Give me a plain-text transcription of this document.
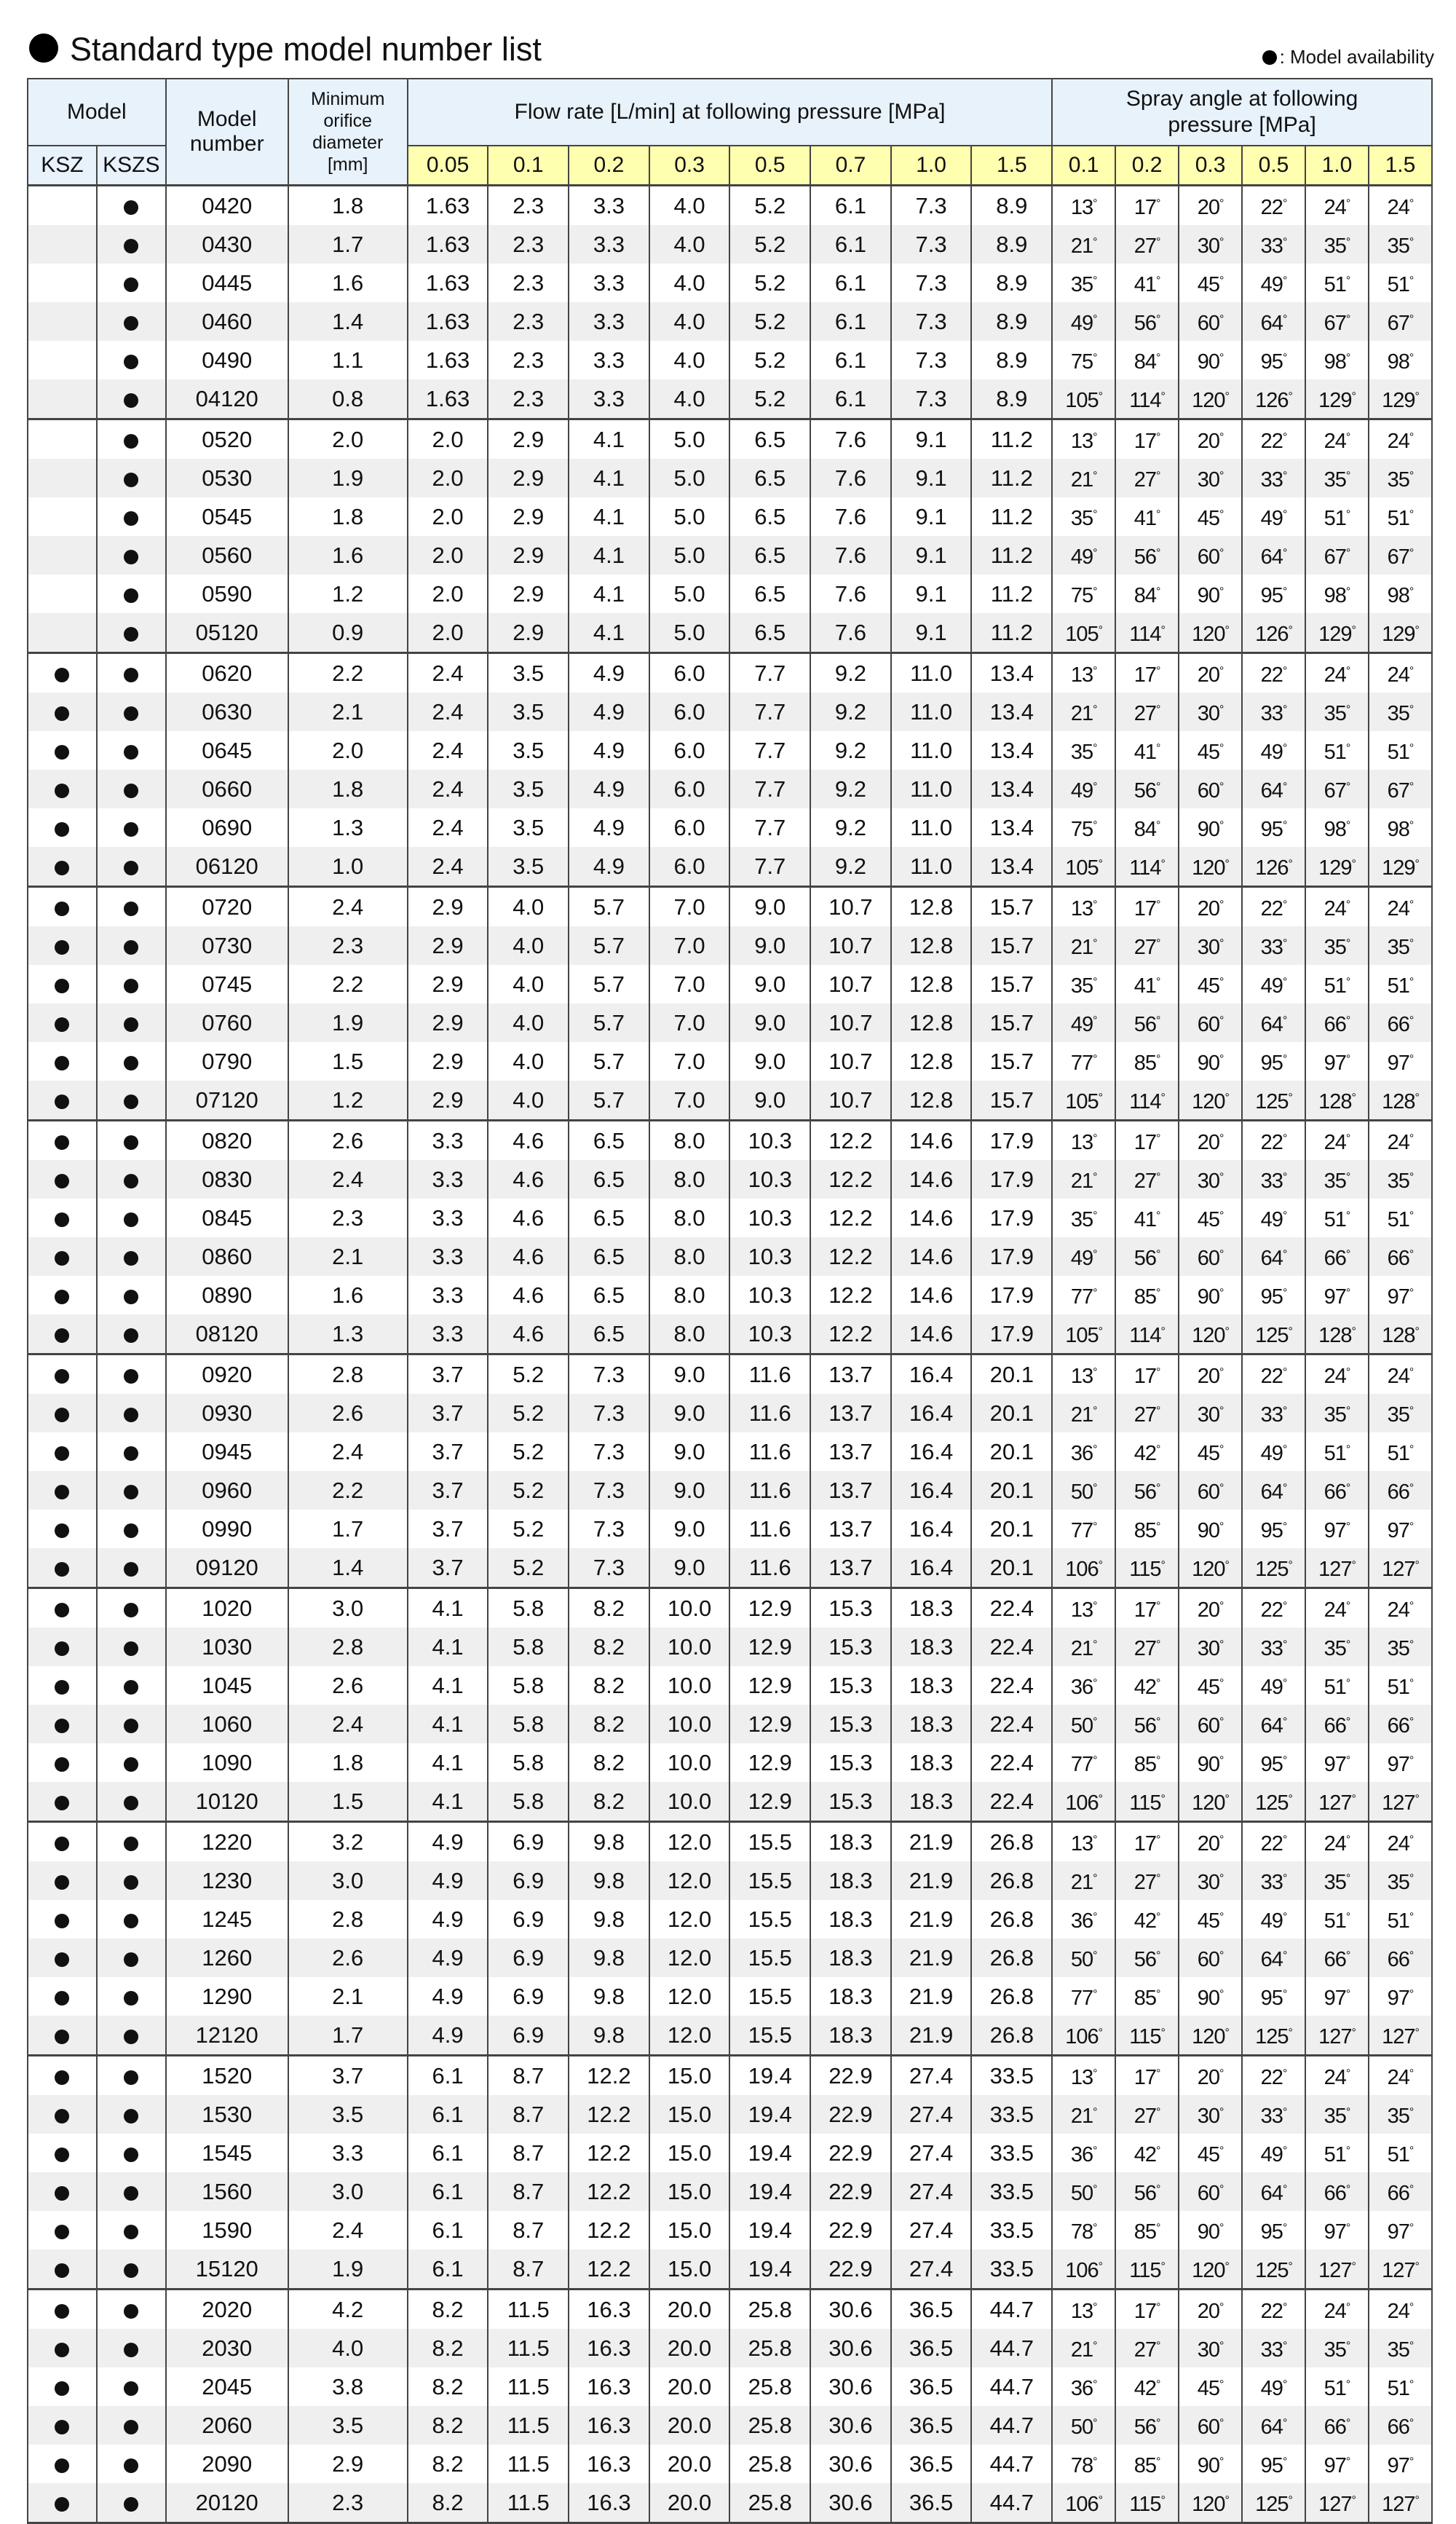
Standard type model number list	: Model availability
Model		Model
number	Minimum
orifice
diameter
[mm]	Flow rate [L/min] at following pressure [MPa]								Spray angle at following
pressure [MPa]					
KSZ	KSZS			0.05	0.1	0.2	0.3	0.5	0.7	1.0	1.5	0.1	0.2	0.3	0.5	1.0	1.5
		0420	1.8	1.63	2.3	3.3	4.0	5.2	6.1	7.3	8.9	13°	17°	20°	22°	24°	24°
		0430	1.7	1.63	2.3	3.3	4.0	5.2	6.1	7.3	8.9	21°	27°	30°	33°	35°	35°
		0445	1.6	1.63	2.3	3.3	4.0	5.2	6.1	7.3	8.9	35°	41°	45°	49°	51°	51°
		0460	1.4	1.63	2.3	3.3	4.0	5.2	6.1	7.3	8.9	49°	56°	60°	64°	67°	67°
		0490	1.1	1.63	2.3	3.3	4.0	5.2	6.1	7.3	8.9	75°	84°	90°	95°	98°	98°
		04120	0.8	1.63	2.3	3.3	4.0	5.2	6.1	7.3	8.9	105°	114°	120°	126°	129°	129°
		0520	2.0	2.0	2.9	4.1	5.0	6.5	7.6	9.1	11.2	13°	17°	20°	22°	24°	24°
		0530	1.9	2.0	2.9	4.1	5.0	6.5	7.6	9.1	11.2	21°	27°	30°	33°	35°	35°
		0545	1.8	2.0	2.9	4.1	5.0	6.5	7.6	9.1	11.2	35°	41°	45°	49°	51°	51°
		0560	1.6	2.0	2.9	4.1	5.0	6.5	7.6	9.1	11.2	49°	56°	60°	64°	67°	67°
		0590	1.2	2.0	2.9	4.1	5.0	6.5	7.6	9.1	11.2	75°	84°	90°	95°	98°	98°
		05120	0.9	2.0	2.9	4.1	5.0	6.5	7.6	9.1	11.2	105°	114°	120°	126°	129°	129°
		0620	2.2	2.4	3.5	4.9	6.0	7.7	9.2	11.0	13.4	13°	17°	20°	22°	24°	24°
		0630	2.1	2.4	3.5	4.9	6.0	7.7	9.2	11.0	13.4	21°	27°	30°	33°	35°	35°
		0645	2.0	2.4	3.5	4.9	6.0	7.7	9.2	11.0	13.4	35°	41°	45°	49°	51°	51°
		0660	1.8	2.4	3.5	4.9	6.0	7.7	9.2	11.0	13.4	49°	56°	60°	64°	67°	67°
		0690	1.3	2.4	3.5	4.9	6.0	7.7	9.2	11.0	13.4	75°	84°	90°	95°	98°	98°
		06120	1.0	2.4	3.5	4.9	6.0	7.7	9.2	11.0	13.4	105°	114°	120°	126°	129°	129°
		0720	2.4	2.9	4.0	5.7	7.0	9.0	10.7	12.8	15.7	13°	17°	20°	22°	24°	24°
		0730	2.3	2.9	4.0	5.7	7.0	9.0	10.7	12.8	15.7	21°	27°	30°	33°	35°	35°
		0745	2.2	2.9	4.0	5.7	7.0	9.0	10.7	12.8	15.7	35°	41°	45°	49°	51°	51°
		0760	1.9	2.9	4.0	5.7	7.0	9.0	10.7	12.8	15.7	49°	56°	60°	64°	66°	66°
		0790	1.5	2.9	4.0	5.7	7.0	9.0	10.7	12.8	15.7	77°	85°	90°	95°	97°	97°
		07120	1.2	2.9	4.0	5.7	7.0	9.0	10.7	12.8	15.7	105°	114°	120°	125°	128°	128°
		0820	2.6	3.3	4.6	6.5	8.0	10.3	12.2	14.6	17.9	13°	17°	20°	22°	24°	24°
		0830	2.4	3.3	4.6	6.5	8.0	10.3	12.2	14.6	17.9	21°	27°	30°	33°	35°	35°
		0845	2.3	3.3	4.6	6.5	8.0	10.3	12.2	14.6	17.9	35°	41°	45°	49°	51°	51°
		0860	2.1	3.3	4.6	6.5	8.0	10.3	12.2	14.6	17.9	49°	56°	60°	64°	66°	66°
		0890	1.6	3.3	4.6	6.5	8.0	10.3	12.2	14.6	17.9	77°	85°	90°	95°	97°	97°
		08120	1.3	3.3	4.6	6.5	8.0	10.3	12.2	14.6	17.9	105°	114°	120°	125°	128°	128°
		0920	2.8	3.7	5.2	7.3	9.0	11.6	13.7	16.4	20.1	13°	17°	20°	22°	24°	24°
		0930	2.6	3.7	5.2	7.3	9.0	11.6	13.7	16.4	20.1	21°	27°	30°	33°	35°	35°
		0945	2.4	3.7	5.2	7.3	9.0	11.6	13.7	16.4	20.1	36°	42°	45°	49°	51°	51°
		0960	2.2	3.7	5.2	7.3	9.0	11.6	13.7	16.4	20.1	50°	56°	60°	64°	66°	66°
		0990	1.7	3.7	5.2	7.3	9.0	11.6	13.7	16.4	20.1	77°	85°	90°	95°	97°	97°
		09120	1.4	3.7	5.2	7.3	9.0	11.6	13.7	16.4	20.1	106°	115°	120°	125°	127°	127°
		1020	3.0	4.1	5.8	8.2	10.0	12.9	15.3	18.3	22.4	13°	17°	20°	22°	24°	24°
		1030	2.8	4.1	5.8	8.2	10.0	12.9	15.3	18.3	22.4	21°	27°	30°	33°	35°	35°
		1045	2.6	4.1	5.8	8.2	10.0	12.9	15.3	18.3	22.4	36°	42°	45°	49°	51°	51°
		1060	2.4	4.1	5.8	8.2	10.0	12.9	15.3	18.3	22.4	50°	56°	60°	64°	66°	66°
		1090	1.8	4.1	5.8	8.2	10.0	12.9	15.3	18.3	22.4	77°	85°	90°	95°	97°	97°
		10120	1.5	4.1	5.8	8.2	10.0	12.9	15.3	18.3	22.4	106°	115°	120°	125°	127°	127°
		1220	3.2	4.9	6.9	9.8	12.0	15.5	18.3	21.9	26.8	13°	17°	20°	22°	24°	24°
		1230	3.0	4.9	6.9	9.8	12.0	15.5	18.3	21.9	26.8	21°	27°	30°	33°	35°	35°
		1245	2.8	4.9	6.9	9.8	12.0	15.5	18.3	21.9	26.8	36°	42°	45°	49°	51°	51°
		1260	2.6	4.9	6.9	9.8	12.0	15.5	18.3	21.9	26.8	50°	56°	60°	64°	66°	66°
		1290	2.1	4.9	6.9	9.8	12.0	15.5	18.3	21.9	26.8	77°	85°	90°	95°	97°	97°
		12120	1.7	4.9	6.9	9.8	12.0	15.5	18.3	21.9	26.8	106°	115°	120°	125°	127°	127°
		1520	3.7	6.1	8.7	12.2	15.0	19.4	22.9	27.4	33.5	13°	17°	20°	22°	24°	24°
		1530	3.5	6.1	8.7	12.2	15.0	19.4	22.9	27.4	33.5	21°	27°	30°	33°	35°	35°
		1545	3.3	6.1	8.7	12.2	15.0	19.4	22.9	27.4	33.5	36°	42°	45°	49°	51°	51°
		1560	3.0	6.1	8.7	12.2	15.0	19.4	22.9	27.4	33.5	50°	56°	60°	64°	66°	66°
		1590	2.4	6.1	8.7	12.2	15.0	19.4	22.9	27.4	33.5	78°	85°	90°	95°	97°	97°
		15120	1.9	6.1	8.7	12.2	15.0	19.4	22.9	27.4	33.5	106°	115°	120°	125°	127°	127°
		2020	4.2	8.2	11.5	16.3	20.0	25.8	30.6	36.5	44.7	13°	17°	20°	22°	24°	24°
		2030	4.0	8.2	11.5	16.3	20.0	25.8	30.6	36.5	44.7	21°	27°	30°	33°	35°	35°
		2045	3.8	8.2	11.5	16.3	20.0	25.8	30.6	36.5	44.7	36°	42°	45°	49°	51°	51°
		2060	3.5	8.2	11.5	16.3	20.0	25.8	30.6	36.5	44.7	50°	56°	60°	64°	66°	66°
		2090	2.9	8.2	11.5	16.3	20.0	25.8	30.6	36.5	44.7	78°	85°	90°	95°	97°	97°
		20120	2.3	8.2	11.5	16.3	20.0	25.8	30.6	36.5	44.7	106°	115°	120°	125°	127°	127°
